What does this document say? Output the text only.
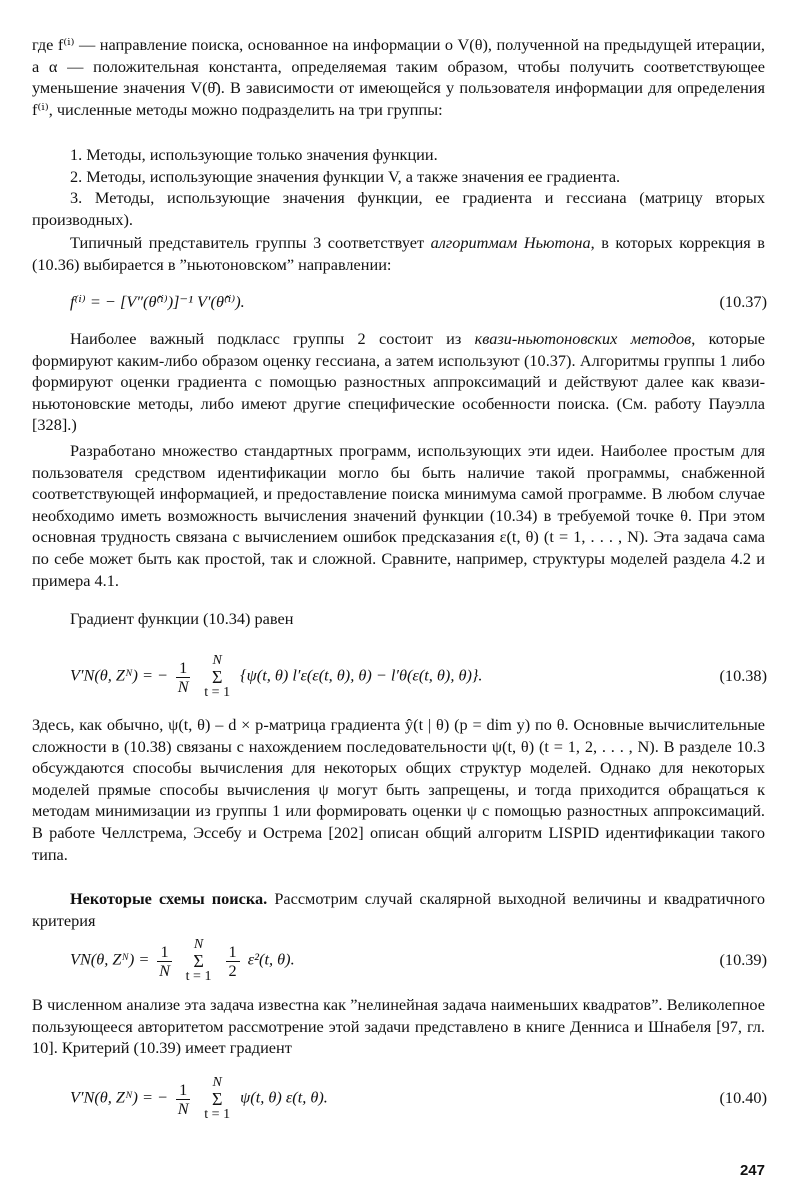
где f⁽ⁱ⁾ — направление поиска, основанное на информации о V(θ), полученной на предыдущей итерации, а α — положительная константа, определяемая таким образом, чтобы получить соответствующее уменьшение значения V(θ̂). В зависимости от имеющейся у пользователя информации для определения f⁽ⁱ⁾, численные методы можно подразделить на три группы:

1. Методы, использующие только значения функции.
2. Методы, использующие значения функции V, а также значения ее градиента.
3. Методы, использующие значения функции, ее градиента и гессиана (матрицу вторых производных).

Типичный представитель группы 3 соответствует алгоритмам Ньютона, в которых коррекция в (10.36) выбирается в ”ньютоновском” направлении:

f⁽ⁱ⁾ = − [V″(θ̂⁽ⁱ⁾)]⁻¹ V′(θ̂⁽ⁱ⁾).	(10.37)

Наиболее важный подкласс группы 2 состоит из квази-ньютоновских методов, которые формируют каким-либо образом оценку гессиана, а затем используют (10.37). Алгоритмы группы 1 либо формируют оценки градиента с помощью разностных аппроксимаций и действуют далее как квази-ньютоновские методы, либо имеют другие специфические особенности поиска. (См. работу Пауэлла [328].)

Разработано множество стандартных программ, использующих эти идеи. Наиболее простым для пользователя средством идентификации могло бы быть наличие такой программы, снабженной соответствующей информацией, и предоставление поиска минимума самой программе. В любом случае необходимо иметь возможность вычисления значений функции (10.34) в требуемой точке θ. При этом основная трудность связана с вычислением ошибок предсказания ε(t, θ) (t = 1, . . . , N). Эта задача сама по себе может быть как простой, так и сложной. Сравните, например, структуры моделей раздела 4.2 и примера 4.1.

Градиент функции (10.34) равен

V′N(θ, Zᴺ) = − $\frac{1}{N}$ N
Σ
t = 1 {ψ(t, θ) l′ε(ε(t, θ), θ) − l′θ(ε(t, θ), θ)}.	(10.38)

Здесь, как обычно, ψ(t, θ) – d × p-матрица градиента ŷ(t | θ) (p = dim y) по θ. Основные вычислительные сложности в (10.38) связаны с нахождением последовательности ψ(t, θ) (t = 1, 2, . . . , N). В разделе 10.3 обсуждаются способы вычисления для некоторых общих структур моделей. Однако для некоторых моделей прямые способы вычисления ψ могут быть запрещены, и тогда приходится обращаться к методам минимизации из группы 1 или формировать оценки ψ с помощью разностных аппроксимаций. В работе Челлстрема, Эссебу и Острема [202] описан общий алгоритм LISPID идентификации такого типа.

Некоторые схемы поиска. Рассмотрим случай скалярной выходной величины и квадратичного критерия

VN(θ, Zᴺ) = $\frac{1}{N}$ N
Σ
$t = 1 \frac{1}{2} \varepsilon^2(t$, θ).	(10.39)

В численном анализе эта задача известна как ”нелинейная задача наименьших квадратов”. Великолепное пользующееся авторитетом рассмотрение этой задачи представлено в книге Денниса и Шнабеля [97, гл. 10]. Критерий (10.39) имеет градиент

V′N(θ, Zᴺ) = − $\frac{1}{N}$ N
Σ
t = 1 ψ(t, θ) ε(t, θ).	(10.40)
247
